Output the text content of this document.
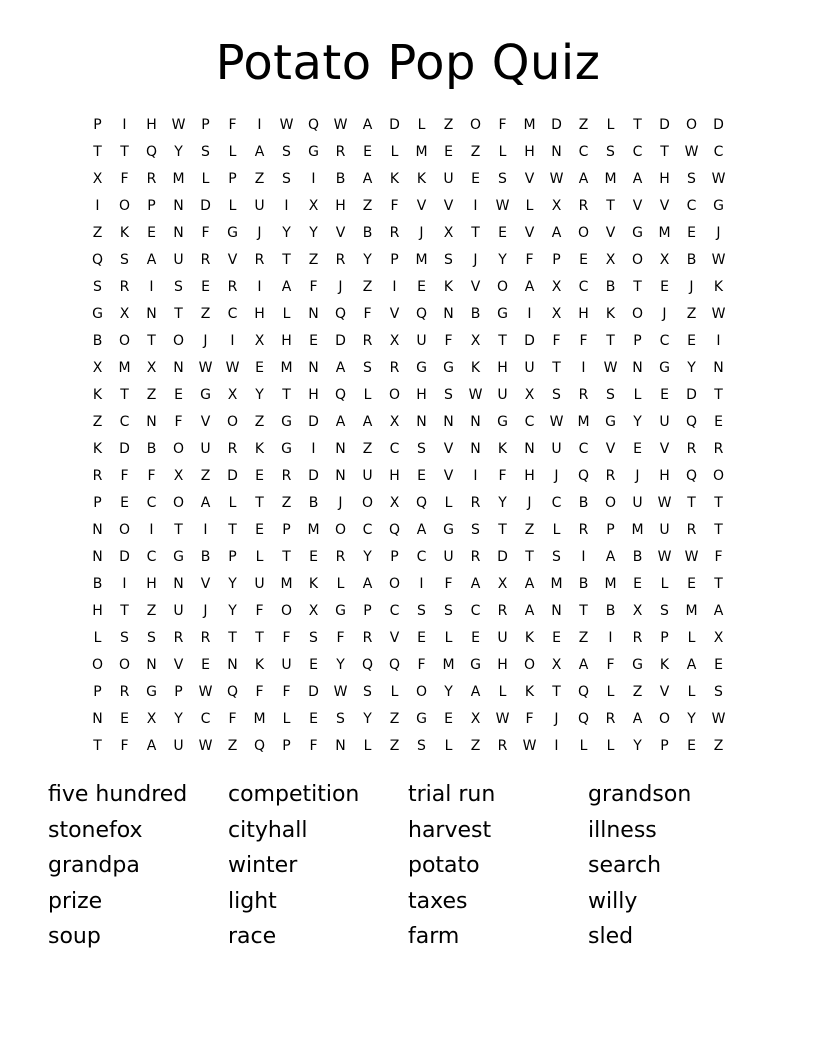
Potato Pop Quiz
P	I	H	W	P	F	I	W	Q	W	A	D	L	Z	O	F	M	D	Z	L	T	D	O	D
T	T	Q	Y	S	L	A	S	G	R	E	L	M	E	Z	L	H	N	C	S	C	T	W	C
X	F	R	M	L	P	Z	S	I	B	A	K	K	U	E	S	V	W	A	M	A	H	S	W
I	O	P	N	D	L	U	I	X	H	Z	F	V	V	I	W	L	X	R	T	V	V	C	G
Z	K	E	N	F	G	J	Y	Y	V	B	R	J	X	T	E	V	A	O	V	G	M	E	J
Q	S	A	U	R	V	R	T	Z	R	Y	P	M	S	J	Y	F	P	E	X	O	X	B	W
S	R	I	S	E	R	I	A	F	J	Z	I	E	K	V	O	A	X	C	B	T	E	J	K
G	X	N	T	Z	C	H	L	N	Q	F	V	Q	N	B	G	I	X	H	K	O	J	Z	W
B	O	T	O	J	I	X	H	E	D	R	X	U	F	X	T	D	F	F	T	P	C	E	I
X	M	X	N	W W	E	M	N	A	S	R	G	G	K	H	U	T	I	W	N	G	Y	N
K	T	Z	E	G	X	Y	T	H	Q	L	O	H	S	W	U	X	S	R	S	L	E	D	T
Z	C	N	F	V	O	Z	G	D	A	A	X	N	N	N	G	C	W	M	G	Y	U	Q	E
K	D	B	O	U	R	K	G	I	N	Z	C	S	V	N	K	N	U	C	V	E	V	R	R
R	F	F	X	Z	D	E	R	D	N	U	H	E	V	I	F	H	J	Q	R	J	H	Q	O
P	E	C	O	A	L	T	Z	B	J	O	X	Q	L	R	Y	J	C	B	O	U	W	T	T
N	O	I	T	I	T	E	P	M	O	C	Q	A	G	S	T	Z	L	R	P	M	U	R	T
N	D	C	G	B	P	L	T	E	R	Y	P	C	U	R	D	T	S	I	A	B	W W	F
B	I	H	N	V	Y	U	M	K	L	A	O	I	F	A	X	A	M	B	M	E	L	E	T
H	T	Z	U	J	Y	F	O	X	G	P	C	S	S	C	R	A	N	T	B	X	S	M	A
L	S	S	R	R	T	T	F	S	F	R	V	E	L	E	U	K	E	Z	I	R	P	L	X
O	O	N	V	E	N	K	U	E	Y	Q	Q	F	M	G	H	O	X	A	F	G	K	A	E
P	R	G	P	W	Q	F	F	D	W	S	L	O	Y	A	L	K	T	Q	L	Z	V	L	S
N	E	X	Y	C	F	M	L	E	S	Y	Z	G	E	X	W	F	J	Q	R	A	O	Y	W
T	F	A	U	W	Z	Q	P	F	N	L	Z	S	L	Z	R	W	I	L	L	Y	P	E	Z
five hundred	competition	trial run	grandson
stonefox	cityhall	harvest	illness
grandpa	winter	potato	search
prize	light	taxes	willy
soup	race	farm	sled
